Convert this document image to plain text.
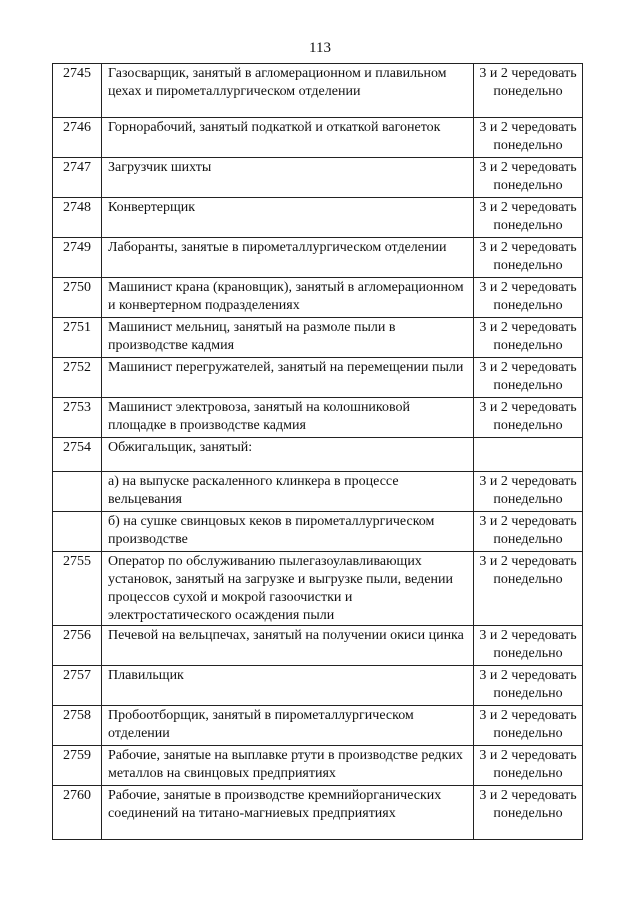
113
2745	Газосварщик, занятый в агломерационном и плавильном цехах и пирометаллургическом отделении	3 и 2 чередовать понедельно
2746	Горнорабочий, занятый подкаткой и откаткой вагонеток	3 и 2 чередовать понедельно
2747	Загрузчик шихты	3 и 2 чередовать понедельно
2748	Конвертерщик	3 и 2 чередовать понедельно
2749	Лаборанты, занятые в пирометаллургическом отделении	3 и 2 чередовать понедельно
2750	Машинист крана (крановщик), занятый в агломерационном и конвертерном подразделениях	3 и 2 чередовать понедельно
2751	Машинист мельниц, занятый на размоле пыли в производстве кадмия	3 и 2 чередовать понедельно
2752	Машинист перегружателей, занятый на перемещении пыли	3 и 2 чередовать понедельно
2753	Машинист электровоза, занятый на колошниковой площадке в производстве кадмия	3 и 2 чередовать понедельно
2754	Обжигальщик, занятый:	
	а) на выпуске раскаленного клинкера в процессе вельцевания	3 и 2 чередовать понедельно
	б) на сушке свинцовых кеков в пирометаллургическом производстве	3 и 2 чередовать понедельно
2755	Оператор по обслуживанию пылегазоулавливающих установок, занятый на загрузке и выгрузке пыли, ведении процессов сухой и мокрой газоочистки и электростатического осаждения пыли	3 и 2 чередовать понедельно
2756	Печевой на вельцпечах, занятый на получении окиси цинка	3 и 2 чередовать понедельно
2757	Плавильщик	3 и 2 чередовать понедельно
2758	Пробоотборщик, занятый в пирометаллургическом отделении	3 и 2 чередовать понедельно
2759	Рабочие, занятые на выплавке ртути в производстве редких металлов на свинцовых предприятиях	3 и 2 чередовать понедельно
2760	Рабочие, занятые в производстве кремнийорганических соединений на титано-магниевых предприятиях	3 и 2 чередовать понедельно
